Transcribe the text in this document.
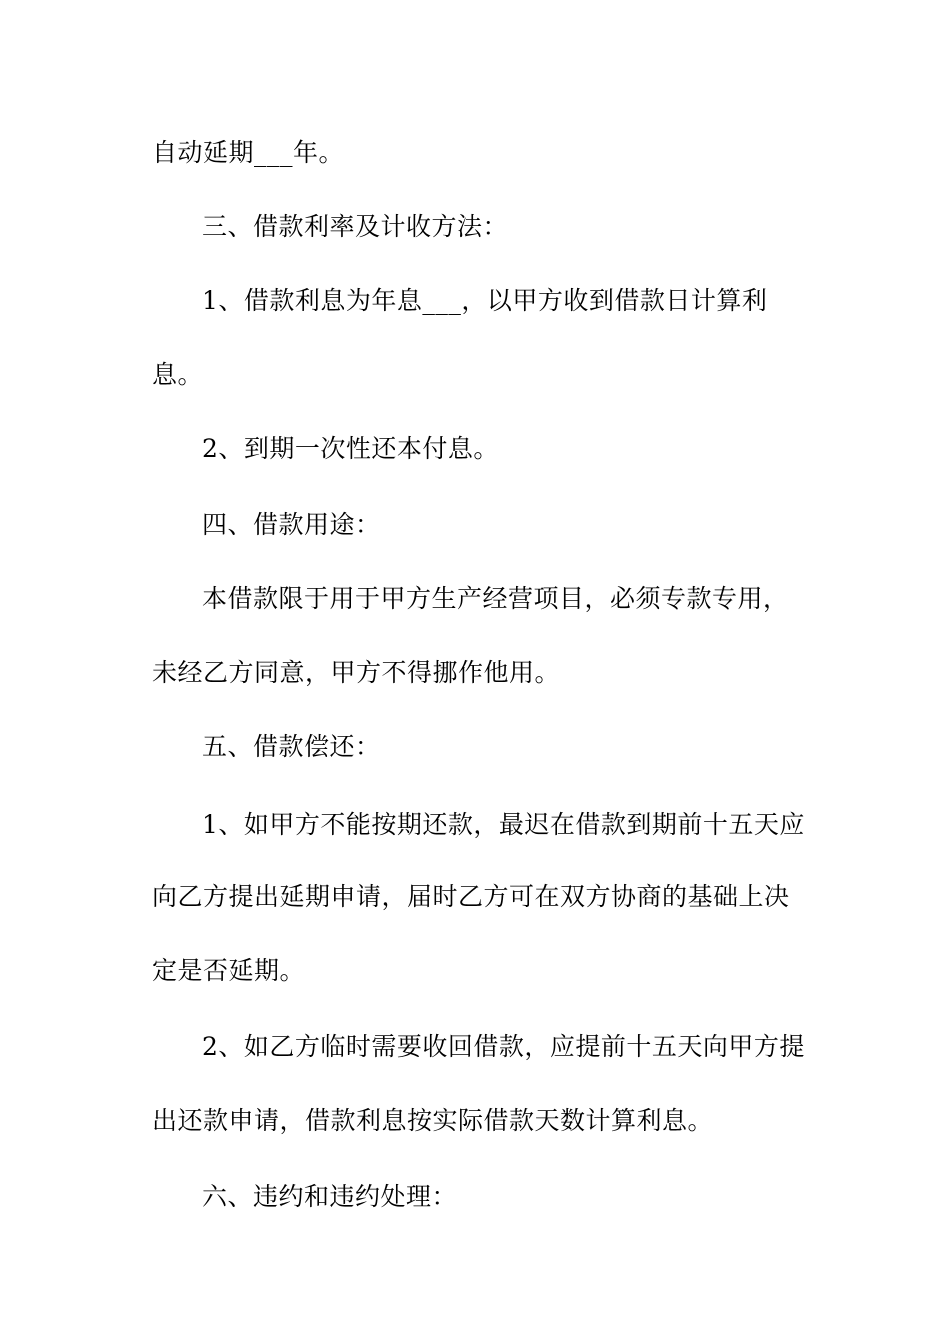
自动延期___年。
三、借款利率及计收方法：
1、借款利息为年息___，以甲方收到借款日计算利
息。
2、到期一次性还本付息。
四、借款用途：
本借款限于用于甲方生产经营项目，必须专款专用，
未经乙方同意，甲方不得挪作他用。
五、借款偿还：
1、如甲方不能按期还款，最迟在借款到期前十五天应
向乙方提出延期申请，届时乙方可在双方协商的基础上决
定是否延期。
2、如乙方临时需要收回借款，应提前十五天向甲方提
出还款申请，借款利息按实际借款天数计算利息。
六、违约和违约处理：
